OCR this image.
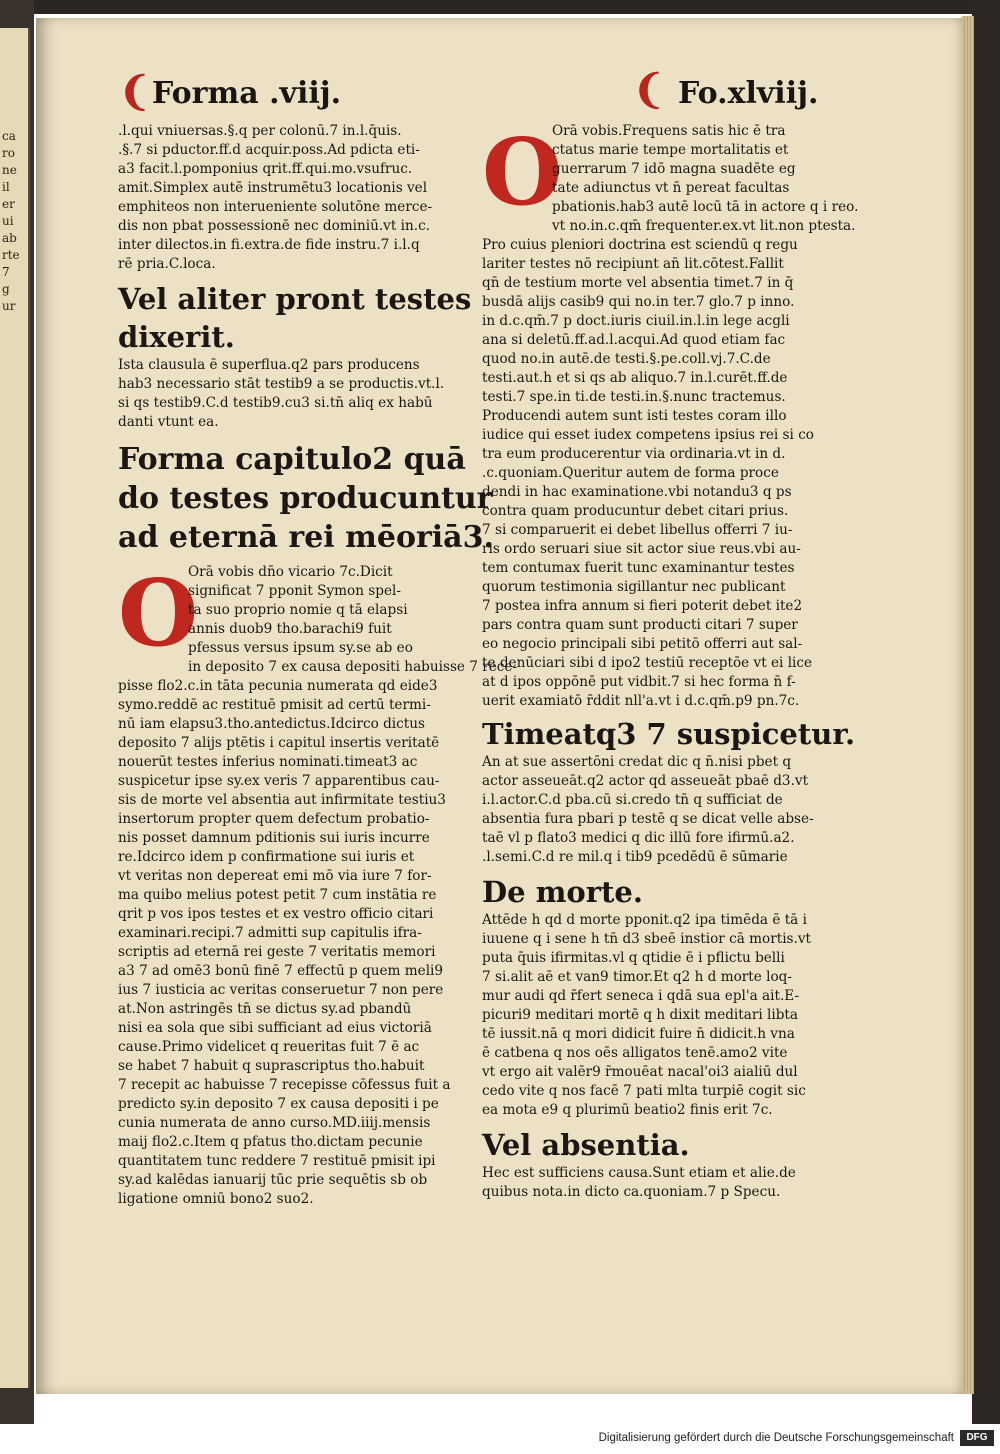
ca
ro
ne
il
er
ui
ab
rte
7
g
ur
❨ Forma .viij.
.l.qui vniuersas.§.q per colonū.7 in.l.q̄uis.
.§.7 si pductor.ff.d acquir.poss.Ad pdicta eti-
a3 facit.l.pomponius qrit.ff.qui.mo.vsufruc.
amit.Simplex autē instrumētu3 locationis vel
emphiteos non interueniente solutōne merce-
dis non pbat possessionē nec dominiū.vt in.c.
inter dilectos.in fi.extra.de fide instru.7 i.l.q
rē pria.C.loca.
Vel aliter pront testes
dixerit.
Ista clausula ē superflua.q2 pars producens
hab3 necessario stāt testib9 a se productis.vt.l.
si qs testib9.C.d testib9.cu3 si.tn̄ aliq ex habū
danti vtunt ea.
Forma capitulo2 quā
do testes producuntur
ad eternā rei mēoriā3.
O
Orā vobis dn̄o vicario 7c.Dicit
significat 7 pponit Symon spel-
ta suo proprio nomie q tā elapsi
annis duob9 tho.barachi9 fuit
pfessus versus ipsum sy.se ab eo
in deposito 7 ex causa depositi habuisse 7 rece-
pisse flo2.c.in tāta pecunia numerata qd eide3
symo.reddē ac restituē pmisit ad certū termi-
nū iam elapsu3.tho.antedictus.Idcirco dictus
deposito 7 alijs ptētis i capitul insertis veritatē
nouerūt testes inferius nominati.timeat3 ac
suspicetur ipse sy.ex veris 7 apparentibus cau-
sis de morte vel absentia aut infirmitate testiu3
insertorum propter quem defectum probatio-
nis posset damnum pditionis sui iuris incurre
re.Idcirco idem p confirmatione sui iuris et
vt veritas non depereat emi mō via iure 7 for-
ma quibo melius potest petit 7 cum instātia re
qrit p vos ipos testes et ex vestro officio citari
examinari.recipi.7 admitti sup capitulis ifra-
scriptis ad eternā rei geste 7 veritatis memori
a3 7 ad omē3 bonū finē 7 effectū p quem meli9
ius 7 iusticia ac veritas conseruetur 7 non pere
at.Non astringēs tn̄ se dictus sy.ad pbandū
nisi ea sola que sibi sufficiant ad eius victoriā
cause.Primo videlicet q reueritas fuit 7 ē ac
se habet 7 habuit q suprascriptus tho.habuit
7 recepit ac habuisse 7 recepisse cōfessus fuit a
predicto sy.in deposito 7 ex causa depositi i pe
cunia numerata de anno curso.MD.iiij.mensis
maij flo2.c.Item q pfatus tho.dictam pecunie
quantitatem tunc reddere 7 restituē pmisit ipi
sy.ad kalēdas ianuarij tūc prie sequētis sb ob
ligatione omniū bono2 suo2.
❨ Fo.xlviij.
O
Orā vobis.Frequens satis hic ē tra
ctatus marie tempe mortalitatis et
guerrarum 7 idō magna suadēte eg
tate adiunctus vt n̄ pereat facultas
pbationis.hab3 autē locū tā in actore q i reo.
vt no.in.c.qm̄ frequenter.ex.vt lit.non ptesta.
Pro cuius pleniori doctrina est sciendū q regu
lariter testes nō recipiunt an̄ lit.cōtest.Fallit
qn̄ de testium morte vel absentia timet.7 in q̄
busdā alijs casib9 qui no.in ter.7 glo.7 p inno.
in d.c.qm̄.7 p doct.iuris ciuil.in.l.in lege acgli
ana si deletū.ff.ad.l.acqui.Ad quod etiam fac
quod no.in autē.de testi.§.pe.coll.vj.7.C.de
testi.aut.h et si qs ab aliquo.7 in.l.curēt.ff.de
testi.7 spe.in ti.de testi.in.§.nunc tractemus.
Producendi autem sunt isti testes coram illo
iudice qui esset iudex competens ipsius rei si co
tra eum producerentur via ordinaria.vt in d.
.c.quoniam.Queritur autem de forma proce
dendi in hac examinatione.vbi notandu3 q ps
contra quam producuntur debet citari prius.
7 si comparuerit ei debet libellus offerri 7 iu-
ris ordo seruari siue sit actor siue reus.vbi au-
tem contumax fuerit tunc examinantur testes
quorum testimonia sigillantur nec publicant
7 postea infra annum si fieri poterit debet ite2
pars contra quam sunt producti citari 7 super
eo negocio principali sibi petitō offerri aut sal-
te denūciari sibi d ipo2 testiū receptōe vt ei lice
at d ipos oppōnē put vidbit.7 si hec forma n̄ f-
uerit examiatō r̄ddit nll'a.vt i d.c.qm̄.p9 pn.7c.
Timeatq3 7 suspicetur.
An at sue assertōni credat dic q n̄.nisi pbet q
actor asseueāt.q2 actor qd asseueāt pbaē d3.vt
i.l.actor.C.d pba.cū si.credo tn̄ q sufficiat de
absentia fura pbari p testē q se dicat velle abse-
taē vl p flato3 medici q dic illū fore ifirmū.a2.
.l.semi.C.d re mil.q i tib9 pcedēdū ē sūmarie
De morte.
Attēde h qd d morte pponit.q2 ipa timēda ē tā i
iuuene q i sene h tn̄ d3 sbeē instior cā mortis.vt
puta q̄uis ifirmitas.vl q qtidie ē i pflictu belli
7 si.alit aē et van9 timor.Et q2 h d morte loq-
mur audi qd r̄fert seneca i qdā sua epl'a ait.E-
picuri9 meditari mortē q h dixit meditari libta
tē iussit.nā q mori didicit fuire n̄ didicit.h vna
ē catbena q nos oēs alligatos tenē.amo2 vite
vt ergo ait valēr9 r̄mouēat nacal'oi3 aialiū dul
cedo vite q nos facē 7 pati mlta turpiē cogit sic
ea mota e9 q plurimū beatio2 finis erit 7c.
Vel absentia.
Hec est sufficiens causa.Sunt etiam et alie.de
quibus nota.in dicto ca.quoniam.7 p Specu.
Digitalisierung gefördert durch die Deutsche Forschungsgemeinschaft	DFG
